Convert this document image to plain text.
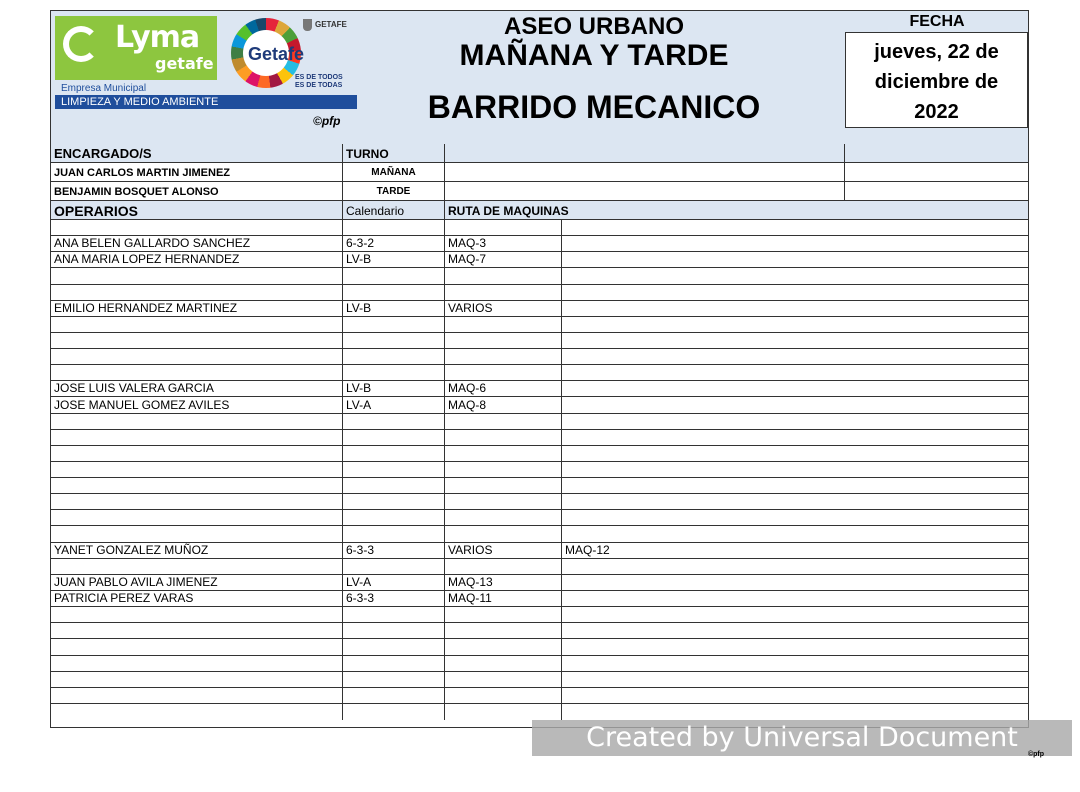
Lyma
getafe Getafe
GETAFE
ES DE TODOS
ES DE TODAS
Empresa Municipal
LIMPIEZA Y MEDIO AMBIENTE
©pfp
ASEO URBANO
MAÑANA Y TARDE
BARRIDO MECANICO
FECHA
jueves, 22 de
diciembre de
2022
ENCARGADO/S	TURNO
JUAN CARLOS MARTIN JIMENEZ	MAÑANA
BENJAMIN BOSQUET ALONSO	TARDE
OPERARIOS	Calendario	RUTA DE MAQUINAS
ANA BELEN GALLARDO SANCHEZ	6-3-2	MAQ-3
ANA MARIA LOPEZ HERNANDEZ	LV-B	MAQ-7
EMILIO HERNANDEZ MARTINEZ	LV-B	VARIOS
JOSE LUIS VALERA GARCIA	LV-B	MAQ-6
JOSE MANUEL GOMEZ AVILES	LV-A	MAQ-8
YANET GONZALEZ MUÑOZ	6-3-3	VARIOS	MAQ-12
JUAN PABLO AVILA JIMENEZ	LV-A	MAQ-13
PATRICIA PEREZ VARAS	6-3-3	MAQ-11
Created by Universal Document Converter
©pfp
